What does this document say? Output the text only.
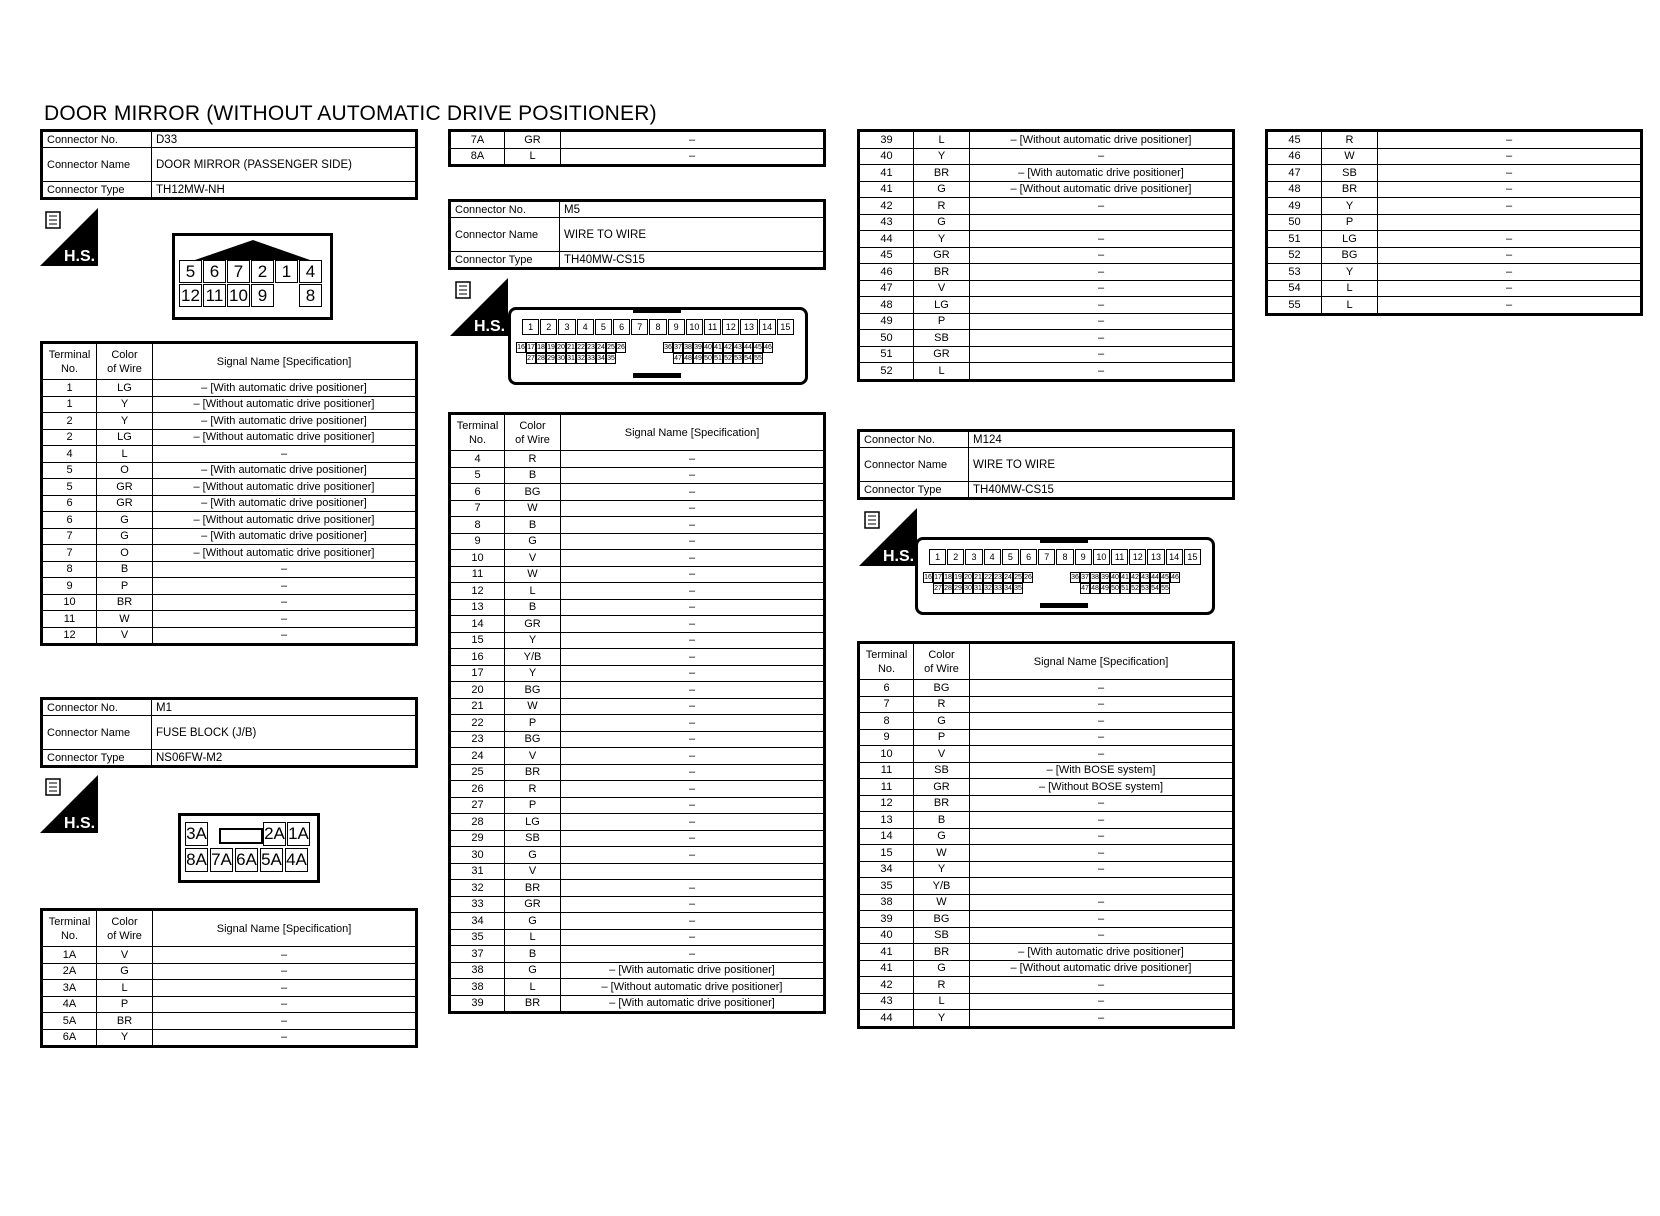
DOOR MIRROR (WITHOUT AUTOMATIC DRIVE POSITIONER)
Connector No.	D33
Connector Name	DOOR MIRROR (PASSENGER SIDE)
Connector Type	TH12MW-NH
H.S.
5 6 7 2 1 4
12 11 10 9	8
Terminal
No.	Color
of Wire	Signal Name [Specification]
1	LG	– [With automatic drive positioner]
1	Y	– [Without automatic drive positioner]
2	Y	– [With automatic drive positioner]
2	LG	– [Without automatic drive positioner]
4	L	–
5	O	– [With automatic drive positioner]
5	GR	– [Without automatic drive positioner]
6	GR	– [With automatic drive positioner]
6	G	– [Without automatic drive positioner]
7	G	– [With automatic drive positioner]
7	O	– [Without automatic drive positioner]
8	B	–
9	P	–
10	BR	–
11	W	–
12	V	–
Connector No.	M1
Connector Name	FUSE BLOCK (J/B)
Connector Type	NS06FW-M2
H.S.
3A	2A 1A
8A 7A 6A 5A 4A
Terminal
No.	Color
of Wire	Signal Name [Specification]
1A	V	–
2A	G	–
3A	L	–
4A	P	–
5A	BR	–
6A	Y	–
7A	GR	–
8A	L	–
Connector No.	M5
Connector Name	WIRE TO WIRE
Connector Type	TH40MW-CS15
H.S.	1	2	3	4	5	6	7	8	9	10 11 12 13 14 15
16 17 18 19 20 21 22 23 24 25 26	36 37 38 39 40 41 42 43 44 45 46
27 28 29 30 31 32 33 34 35	47 48 49 50 51 52 53 54 55
Terminal
No.	Color
of Wire	Signal Name [Specification]
4	R	–
5	B	–
6	BG	–
7	W	–
8	B	–
9	G	–
10	V	–
11	W	–
12	L	–
13	B	–
14	GR	–
15	Y	–
16	Y/B	–
17	Y	–
20	BG	–
21	W	–
22	P	–
23	BG	–
24	V	–
25	BR	–
26	R	–
27	P	–
28	LG	–
29	SB	–
30	G	–
31	V	
32	BR	–
33	GR	–
34	G	–
35	L	–
37	B	–
38	G	– [With automatic drive positioner]
38	L	– [Without automatic drive positioner]
39	BR	– [With automatic drive positioner]
39	L	– [Without automatic drive positioner]
40	Y	–
41	BR	– [With automatic drive positioner]
41	G	– [Without automatic drive positioner]
42	R	–
43	G	
44	Y	–
45	GR	–
46	BR	–
47	V	–
48	LG	–
49	P	–
50	SB	–
51	GR	–
52	L	–
Connector No.	M124
Connector Name	WIRE TO WIRE
Connector Type	TH40MW-CS15
H.S.	1	2	3	4	5	6	7	8	9	10 11 12 13 14 15
16 17 18 19 20 21 22 23 24 25 26	36 37 38 39 40 41 42 43 44 45 46
27 28 29 30 31 32 33 34 35	47 48 49 50 51 52 53 54 55
Terminal
No.	Color
of Wire	Signal Name [Specification]
6	BG	–
7	R	–
8	G	–
9	P	–
10	V	–
11	SB	– [With BOSE system]
11	GR	– [Without BOSE system]
12	BR	–
13	B	–
14	G	–
15	W	–
34	Y	–
35	Y/B	
38	W	–
39	BG	–
40	SB	–
41	BR	– [With automatic drive positioner]
41	G	– [Without automatic drive positioner]
42	R	–
43	L	–
44	Y	–
45	R	–
46	W	–
47	SB	–
48	BR	–
49	Y	–
50	P	
51	LG	–
52	BG	–
53	Y	–
54	L	–
55	L	–
